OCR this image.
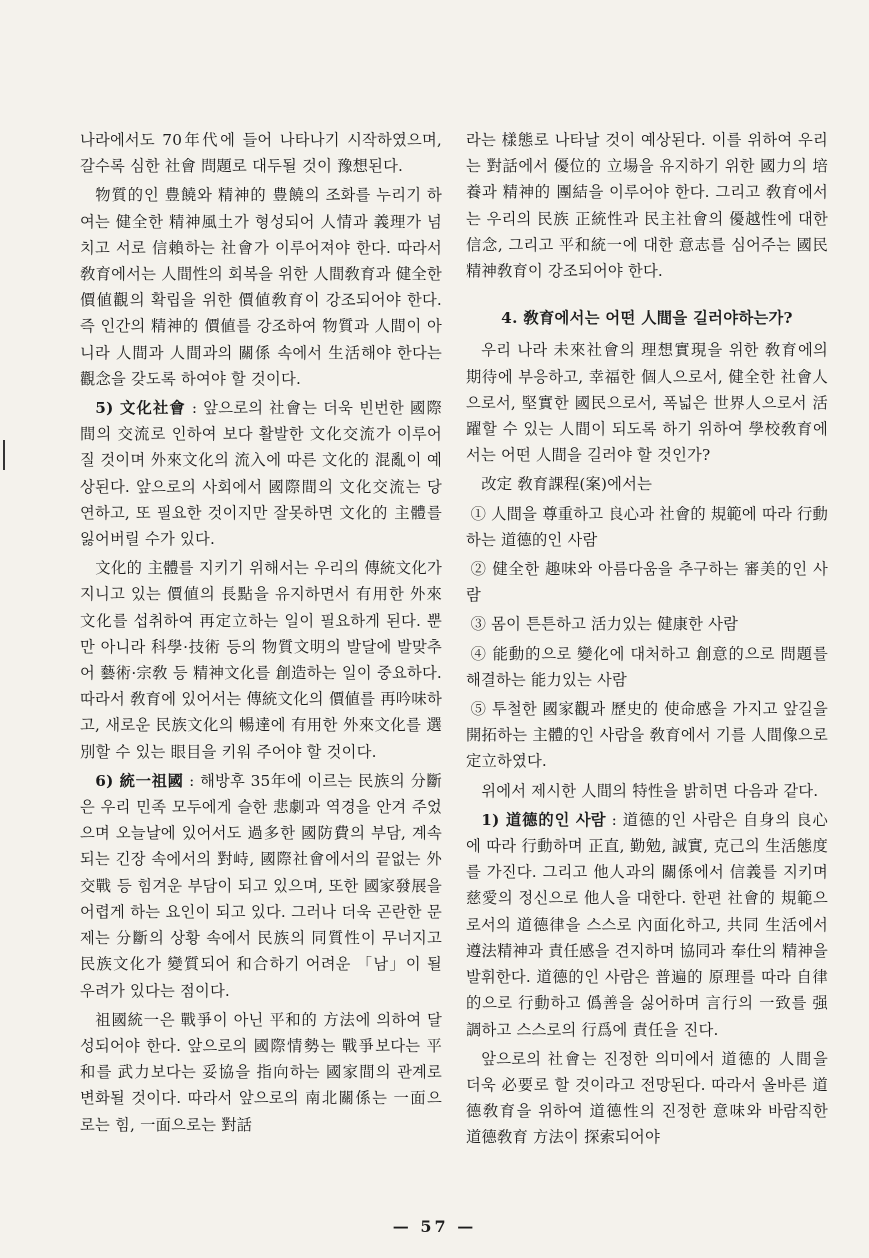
나라에서도 70年代에 들어 나타나기 시작하였으며, 갈수록 심한 社會 問題로 대두될 것이 豫想된다.

物質的인 豊饒와 精神的 豊饒의 조화를 누리기 하여는 健全한 精神風土가 형성되어 人情과 義理가 넘치고 서로 信賴하는 社會가 이루어져야 한다. 따라서 敎育에서는 人間性의 회복을 위한 人間敎育과 健全한 價値觀의 확립을 위한 價値敎育이 강조되어야 한다. 즉 인간의 精神的 價値를 강조하여 物質과 人間이 아니라 人間과 人間과의 關係 속에서 生活해야 한다는 觀念을 갖도록 하여야 할 것이다.

5) 文化社會 : 앞으로의 社會는 더욱 빈번한 國際間의 交流로 인하여 보다 활발한 文化交流가 이루어질 것이며 外來文化의 流入에 따른 文化的 混亂이 예상된다. 앞으로의 사회에서 國際間의 文化交流는 당연하고, 또 필요한 것이지만 잘못하면 文化的 主體를 잃어버릴 수가 있다.

文化的 主體를 지키기 위해서는 우리의 傳統文化가 지니고 있는 價値의 長點을 유지하면서 有用한 外來文化를 섭취하여 再定立하는 일이 필요하게 된다. 뿐만 아니라 科學·技術 등의 物質文明의 발달에 발맞추어 藝術·宗敎 등 精神文化를 創造하는 일이 중요하다. 따라서 敎育에 있어서는 傳統文化의 價値를 再吟味하고, 새로운 民族文化의 暢達에 有用한 外來文化를 選別할 수 있는 眼目을 키워 주어야 할 것이다.

6) 統一祖國 : 해방후 35年에 이르는 民族의 分斷은 우리 민족 모두에게 슬한 悲劇과 역경을 안겨 주었으며 오늘날에 있어서도 過多한 國防費의 부담, 계속되는 긴장 속에서의 對峙, 國際社會에서의 끝없는 外交戰 등 힘겨운 부담이 되고 있으며, 또한 國家發展을 어렵게 하는 요인이 되고 있다. 그러나 더욱 곤란한 문제는 分斷의 상황 속에서 民族의 同質性이 무너지고 民族文化가 變質되어 和合하기 어려운 「남」이 될 우려가 있다는 점이다.

祖國統一은 戰爭이 아닌 平和的 方法에 의하여 달성되어야 한다. 앞으로의 國際情勢는 戰爭보다는 平和를 武力보다는 妥協을 指向하는 國家間의 관계로 변화될 것이다. 따라서 앞으로의 南北關係는 一面으로는 힘, 一面으로는 對話

라는 樣態로 나타날 것이 예상된다. 이를 위하여 우리는 對話에서 優位的 立場을 유지하기 위한 國力의 培養과 精神的 團結을 이루어야 한다. 그리고 敎育에서는 우리의 民族 正統性과 民主社會의 優越性에 대한 信念, 그리고 平和統一에 대한 意志를 심어주는 國民精神敎育이 강조되어야 한다.

4. 敎育에서는 어떤 人間을 길러야하는가?

우리 나라 未來社會의 理想實現을 위한 敎育에의 期待에 부응하고, 幸福한 個人으로서, 健全한 社會人으로서, 堅實한 國民으로서, 폭넓은 世界人으로서 活躍할 수 있는 人間이 되도록 하기 위하여 學校敎育에서는 어떤 人間을 길러야 할 것인가?

改定 敎育課程(案)에서는

① 人間을 尊重하고 良心과 社會的 規範에 따라 行動하는 道德的인 사람

② 健全한 趣味와 아름다움을 추구하는 審美的인 사람

③ 몸이 튼튼하고 活力있는 健康한 사람

④ 能動的으로 變化에 대처하고 創意的으로 問題를 해결하는 能力있는 사람

⑤ 투철한 國家觀과 歷史的 使命感을 가지고 앞길을 開拓하는 主體的인 사람을 敎育에서 기를 人間像으로 定立하였다.

위에서 제시한 人間의 特性을 밝히면 다음과 같다.

1) 道德的인 사람 : 道德的인 사람은 自身의 良心에 따라 行動하며 正直, 勤勉, 誠實, 克己의 生活態度를 가진다. 그리고 他人과의 關係에서 信義를 지키며 慈愛의 정신으로 他人을 대한다. 한편 社會的 規範으로서의 道德律을 스스로 內面化하고, 共同 生活에서 遵法精神과 責任感을 견지하며 協同과 奉仕의 精神을 발휘한다. 道德的인 사람은 普遍的 原理를 따라 自律的으로 行動하고 僞善을 싫어하며 言行의 一致를 强調하고 스스로의 行爲에 責任을 진다.

앞으로의 社會는 진정한 의미에서 道德的 人間을 더욱 必要로 할 것이라고 전망된다. 따라서 올바른 道德敎育을 위하여 道德性의 진정한 意味와 바람직한 道德敎育 方法이 探索되어야

— 57 —
